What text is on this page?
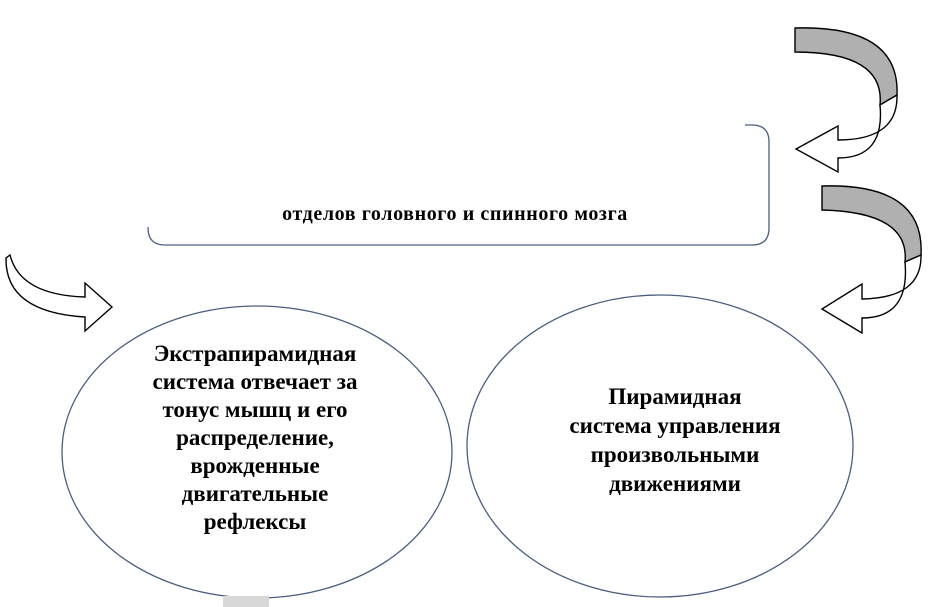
отделов головного и спинного мозга
Экстрапирамидная
система отвечает за
тонус мышц и его
распределение,
врожденные
двигательные
рефлексы
Пирамидная
система управления
произвольными
движениями
